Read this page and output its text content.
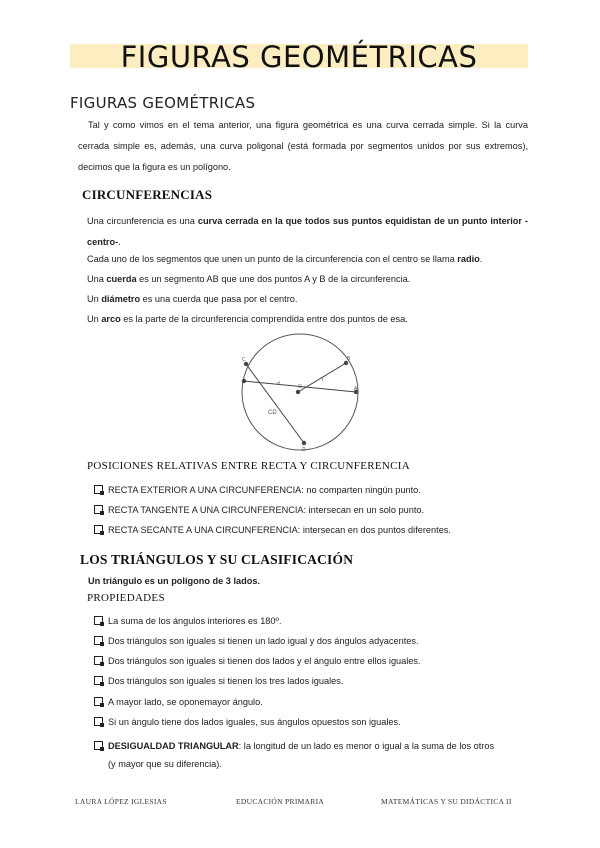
FIGURAS GEOMÉTRICAS
FIGURAS GEOMÉTRICAS

Tal y como vimos en el tema anterior, una figura geométrica es una curva cerrada simple. Si la curva cerrada simple es, además, una curva poligonal (está formada por segmentos unidos por sus extremos), decimos que la figura es un polígono.

CIRCUNFERENCIAS
Una circunferencia es una curva cerrada en la que todos sus puntos equidistan de un punto interior -centro-.
Cada uno de los segmentos que unen un punto de la circunferencia con el centro se llama radio.
Una cuerda es un segmento AB que une dos puntos A y B de la circunferencia.
Un diámetro es una cuerda que pasa por el centro.
Un arco es la parte de la circunferencia comprendida entre dos puntos de esa.
C	B
A
O
d
r
CD
D
POSICIONES RELATIVAS ENTRE RECTA Y CIRCUNFERENCIA
RECTA EXTERIOR A UNA CIRCUNFERENCIA: no comparten ningún punto.
RECTA TANGENTE A UNA CIRCUNFERENCIA: intersecan en un solo punto.
RECTA SECANTE A UNA CIRCUNFERENCIA: intersecan en dos puntos diferentes.
LOS TRIÁNGULOS Y SU CLASIFICACIÓN
Un triángulo es un polígono de 3 lados.
PROPIEDADES
La suma de los ángulos interiores es 180º.
Dos triángulos son iguales si tienen un lado igual y dos ángulos adyacentes.
Dos triángulos son iguales si tienen dos lados y el ángulo entre ellos iguales.
Dos triángulos son iguales si tienen los tres lados iguales.
A mayor lado, se oponemayor ángulo.
Si un ángulo tiene dos lados iguales, sus ángulos opuestos son iguales.
DESIGUALDAD TRIANGULAR: la longitud de un lado es menor o igual a la suma de los otros
(y mayor que su diferencia).
LAURA LÓPEZ IGLESIAS	EDUCACIÓN PRIMARIA	MATEMÁTICAS Y SU DIDÁCTICA II
